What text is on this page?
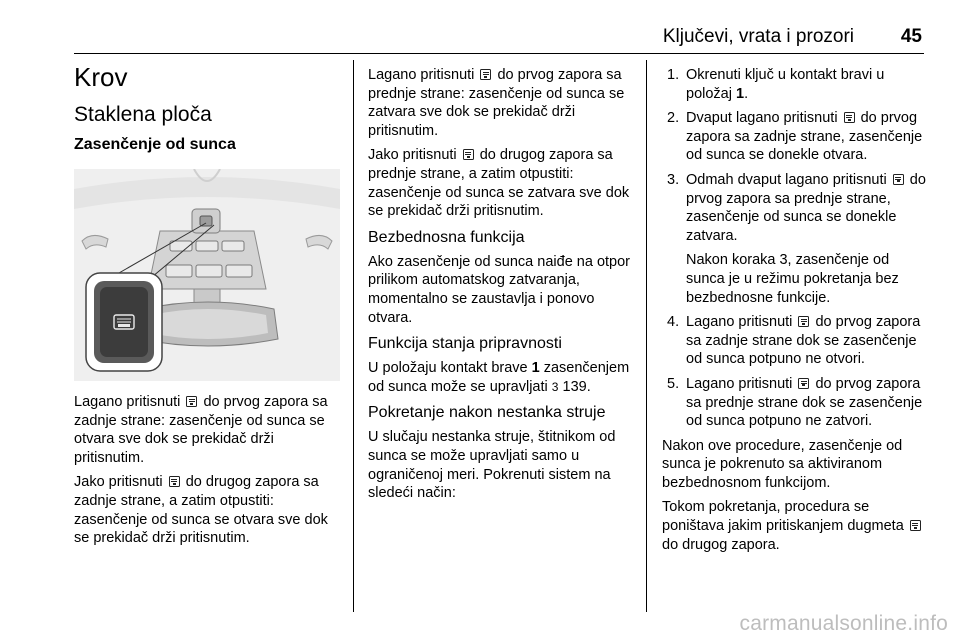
Ključevi, vrata i prozori 45
Krov
Staklena ploča
Zasenčenje od sunca

Lagano pritisnuti do prvog zapora sa zadnje strane: zasenčenje od sunca se otvara sve dok se prekidač drži pritisnutim.

Jako pritisnuti do drugog zapora sa zadnje strane, a zatim otpustiti: zasenčenje od sunca se otvara sve dok se prekidač drži pritisnutim.

Lagano pritisnuti do prvog zapora sa prednje strane: zasenčenje od sunca se zatvara sve dok se prekidač drži pritisnutim.

Jako pritisnuti do drugog zapora sa prednje strane, a zatim otpustiti: zasenčenje od sunca se zatvara sve dok se prekidač drži pritisnutim.

Bezbednosna funkcija

Ako zasenčenje od sunca naiđe na otpor prilikom automatskog zatvaranja, momentalno se zaustavlja i ponovo otvara.

Funkcija stanja pripravnosti

U položaju kontakt brave 1 zasenčenjem od sunca može se upravljati 3 139.

Pokretanje nakon nestanka struje

U slučaju nestanka struje, štitnikom od sunca se može upravljati samo u ograničenoj meri. Pokrenuti sistem na sledeći način:

1. Okrenuti ključ u kontakt bravi u položaj 1.
2. Dvaput lagano pritisnuti do prvog zapora sa zadnje strane, zasenčenje od sunca se donekle otvara.
3. Odmah dvaput lagano pritisnuti do prvog zapora sa prednje strane, zasenčenje od sunca se donekle zatvara.
Nakon koraka 3, zasenčenje od sunca je u režimu pokretanja bez bezbednosne funkcije.
4. Lagano pritisnuti do prvog zapora sa zadnje strane dok se zasenčenje od sunca potpuno ne otvori.
5. Lagano pritisnuti do prvog zapora sa prednje strane dok se zasenčenje od sunca potpuno ne zatvori.

Nakon ove procedure, zasenčenje od sunca je pokrenuto sa aktiviranom bezbednosnom funkcijom.

Tokom pokretanja, procedura se poništava jakim pritiskanjem dugmeta  do drugog zapora.

carmanualsonline.info
